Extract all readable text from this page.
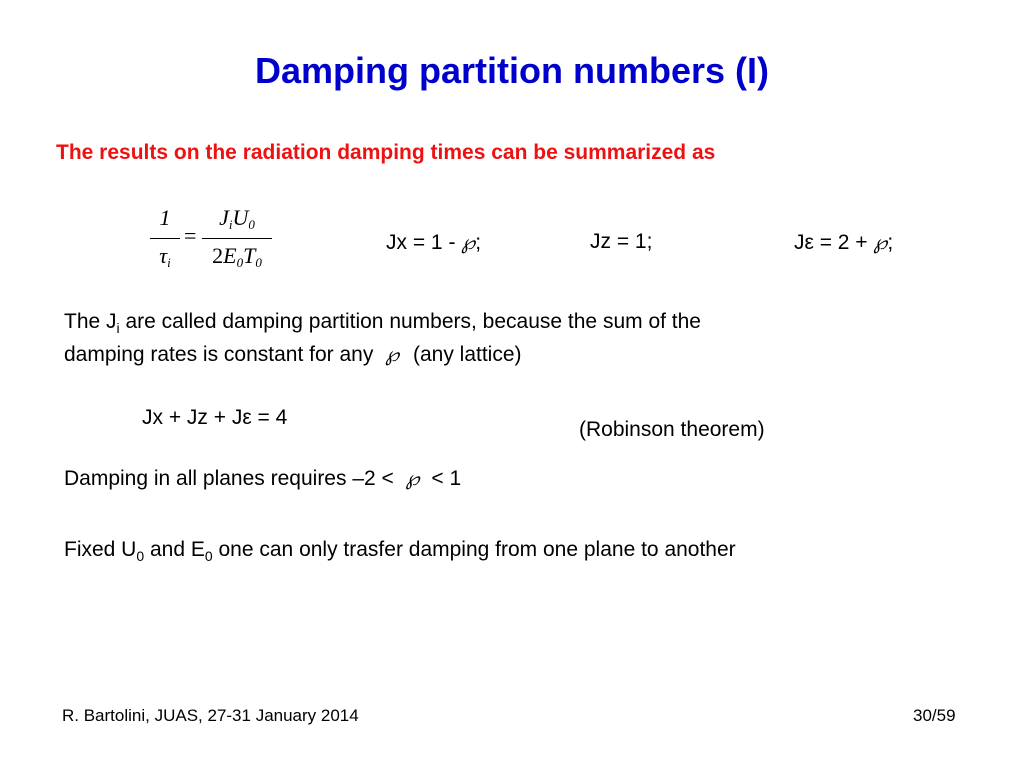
Damping partition numbers (I)
The results on the radiation damping times can be summarized as
1
$\tau_i$
=
$J_iU_0$
$2E_0T_0$
Jx = 1 - ℘;	Jz = 1;	Jε = 2 + ℘;
The $J_i$ are called damping partition numbers, because the sum of the
damping rates is constant for any ℘ (any lattice)
Jx + Jz + Jε = 4
(Robinson theorem)
Damping in all planes requires –2 < ℘ < 1
Fixed $U_0$ and $E_0$ one can only trasfer damping from one plane to another
R. Bartolini, JUAS, 27-31 January 2014	30/59
